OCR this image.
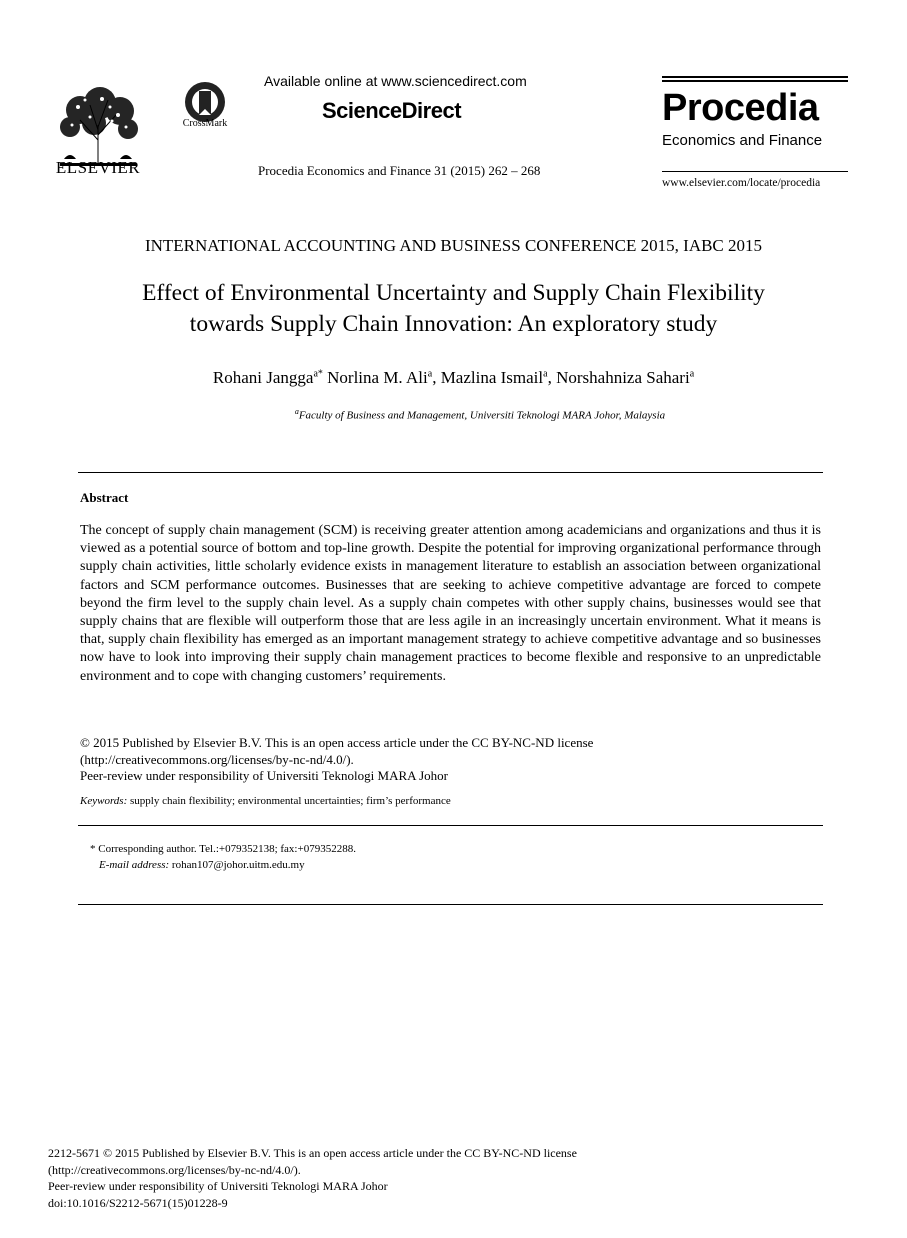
ELSEVIER
CrossMark
Available online at www.sciencedirect.com
ScienceDirect
Procedia Economics and Finance 31 (2015) 262 – 268
Procedia
Economics and Finance
www.elsevier.com/locate/procedia
INTERNATIONAL ACCOUNTING AND BUSINESS CONFERENCE 2015, IABC 2015
Effect of Environmental Uncertainty and Supply Chain Flexibility
towards Supply Chain Innovation: An exploratory study
Rohani Jangga$^{a*}$ Norlina M. Ali$^a$, Mazlina Ismail$^a$, Norshahniza Sahari$^a$
$^a$Faculty of Business and Management, Universiti Teknologi MARA Johor, Malaysia
Abstract
The concept of supply chain management (SCM) is receiving greater attention among academicians and organizations and thus it is viewed as a potential source of bottom and top-line growth. Despite the potential for improving organizational performance through supply chain activities, little scholarly evidence exists in management literature to establish an association between organizational factors and SCM performance outcomes. Businesses that are seeking to achieve competitive advantage are forced to compete beyond the firm level to the supply chain level. As a supply chain competes with other supply chains, businesses would see that supply chains that are flexible will outperform those that are less agile in an increasingly uncertain environment. What it means is that, supply chain flexibility has emerged as an important management strategy to achieve competitive advantage and so businesses now have to look into improving their supply chain management practices to become flexible and responsive to an unpredictable environment and to cope with changing customers’ requirements.
© 2015 Published by Elsevier B.V. This is an open access article under the CC BY-NC-ND license
(http://creativecommons.org/licenses/by-nc-nd/4.0/).
Peer-review under responsibility of Universiti Teknologi MARA Johor
Keywords: supply chain flexibility; environmental uncertainties; firm’s performance
* Corresponding author. Tel.:+079352138; fax:+079352288.
E-mail address: rohan107@johor.uitm.edu.my
2212-5671 © 2015 Published by Elsevier B.V. This is an open access article under the CC BY-NC-ND license
(http://creativecommons.org/licenses/by-nc-nd/4.0/).
Peer-review under responsibility of Universiti Teknologi MARA Johor
doi:10.1016/S2212-5671(15)01228-9
